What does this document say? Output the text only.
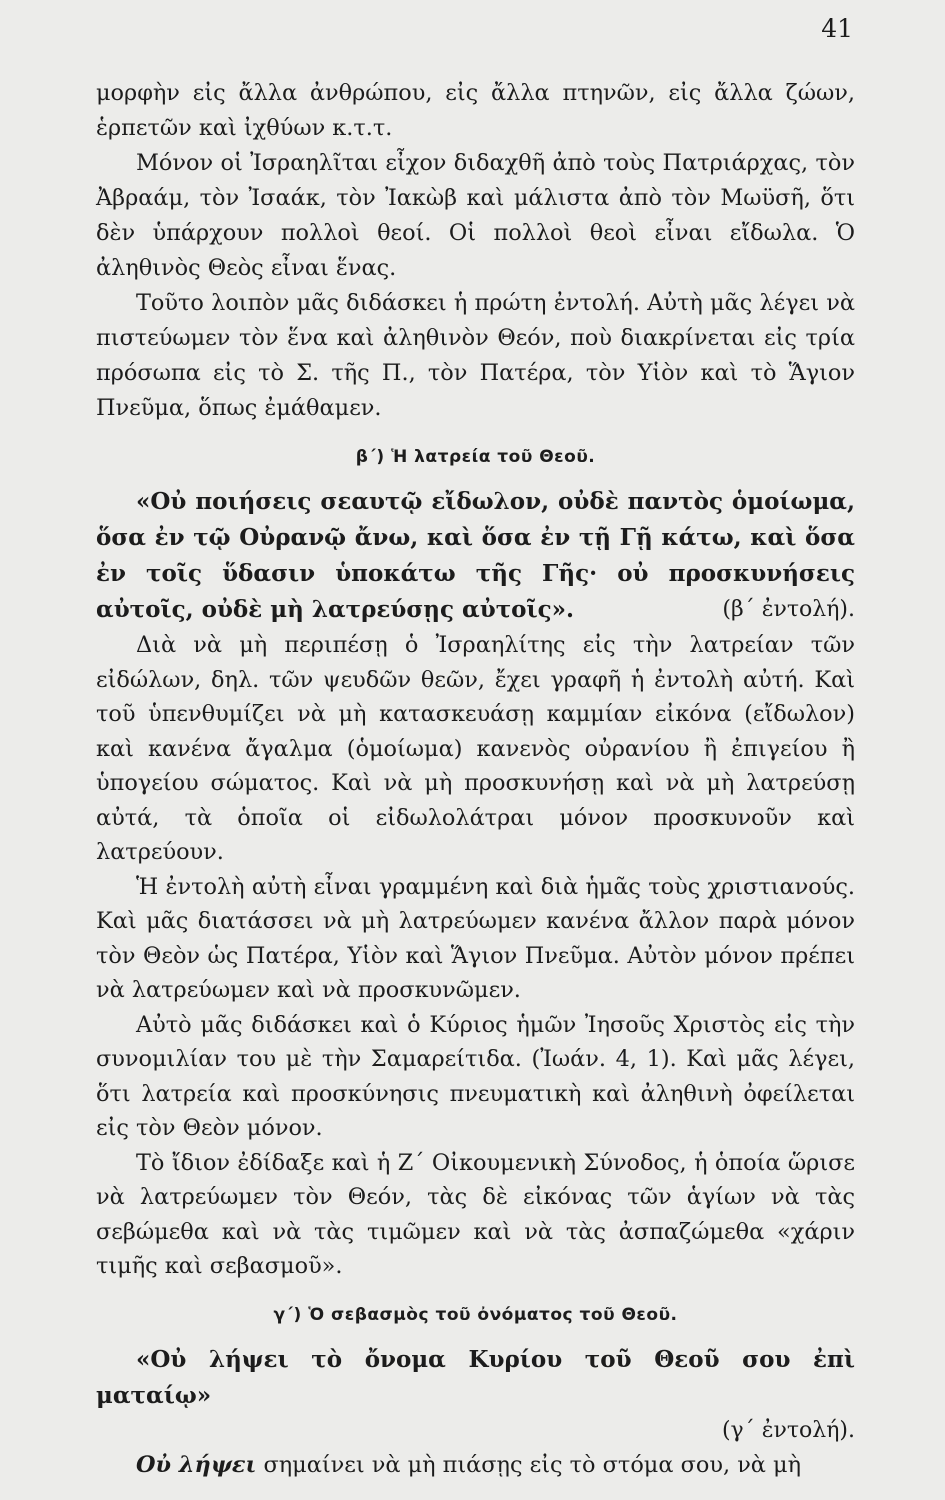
41

μορφὴν εἰς ἄλλα ἀνθρώπου, εἰς ἄλλα πτηνῶν, εἰς ἄλλα ζώων, ἑρπετῶν καὶ ἰχθύων κ.τ.τ.

Μόνον οἱ Ἰσραηλῖται εἶχον διδαχθῆ ἀπὸ τοὺς Πατριάρχας, τὸν Ἀβραάμ, τὸν Ἰσαάκ, τὸν Ἰακὼβ καὶ μάλιστα ἀπὸ τὸν Μωϋσῆ, ὅτι δὲν ὑπάρχουν πολλοὶ θεοί. Οἱ πολλοὶ θεοὶ εἶναι εἴδωλα. Ὁ ἀληθινὸς Θεὸς εἶναι ἕνας.

Τοῦτο λοιπὸν μᾶς διδάσκει ἡ πρώτη ἐντολή. Αὐτὴ μᾶς λέγει νὰ πιστεύωμεν τὸν ἕνα καὶ ἀληθινὸν Θεόν, ποὺ διακρίνεται εἰς τρία πρόσωπα εἰς τὸ Σ. τῆς Π., τὸν Πατέρα, τὸν Υἱὸν καὶ τὸ Ἅγιον Πνεῦμα, ὅπως ἐμάθαμεν.

β΄) Ἡ λατρεία τοῦ Θεοῦ.
«Οὐ ποιήσεις σεαυτῷ εἴδωλον, οὐδὲ παντὸς ὁμοίωμα, ὅσα ἐν τῷ Οὐρανῷ ἄνω, καὶ ὅσα ἐν τῇ Γῇ κάτω, καὶ ὅσα ἐν τοῖς ὕδασιν ὑποκάτω τῆς Γῆς· οὐ προσκυνήσεις αὐτοῖς, οὐδὲ μὴ λατρεύσῃς αὐτοῖς».	(β΄ ἐντολή).

Διὰ νὰ μὴ περιπέσῃ ὁ Ἰσραηλίτης εἰς τὴν λατρείαν τῶν εἰδώλων, δηλ. τῶν ψευδῶν θεῶν, ἔχει γραφῆ ἡ ἐντολὴ αὐτή. Καὶ τοῦ ὑπενθυμίζει νὰ μὴ κατασκευάσῃ καμμίαν εἰκόνα (εἴδωλον) καὶ κανένα ἄγαλμα (ὁμοίωμα) κανενὸς οὐρανίου ἢ ἐπιγείου ἢ ὑπογείου σώματος. Καὶ νὰ μὴ προσκυνήσῃ καὶ νὰ μὴ λατρεύσῃ αὐτά, τὰ ὁποῖα οἱ εἰδωλολάτραι μόνον προσκυνοῦν καὶ λατρεύουν.

Ἡ ἐντολὴ αὐτὴ εἶναι γραμμένη καὶ διὰ ἡμᾶς τοὺς χριστιανούς. Καὶ μᾶς διατάσσει νὰ μὴ λατρεύωμεν κανένα ἄλλον παρὰ μόνον τὸν Θεὸν ὡς Πατέρα, Υἱὸν καὶ Ἅγιον Πνεῦμα. Αὐτὸν μόνον πρέπει νὰ λατρεύωμεν καὶ νὰ προσκυνῶμεν.

Αὐτὸ μᾶς διδάσκει καὶ ὁ Κύριος ἡμῶν Ἰησοῦς Χριστὸς εἰς τὴν συνομιλίαν του μὲ τὴν Σαμαρείτιδα. (Ἰωάν. 4, 1). Καὶ μᾶς λέγει, ὅτι λατρεία καὶ προσκύνησις πνευματικὴ καὶ ἀληθινὴ ὀφείλεται εἰς τὸν Θεὸν μόνον.

Τὸ ἴδιον ἐδίδαξε καὶ ἡ Ζ΄ Οἰκουμενικὴ Σύνοδος, ἡ ὁποία ὥρισε νὰ λατρεύωμεν τὸν Θεόν, τὰς δὲ εἰκόνας τῶν ἁγίων νὰ τὰς σεβώμεθα καὶ νὰ τὰς τιμῶμεν καὶ νὰ τὰς ἀσπαζώμεθα «χάριν τιμῆς καὶ σεβασμοῦ».

γ΄) Ὁ σεβασμὸς τοῦ ὀνόματος τοῦ Θεοῦ.

«Οὐ λήψει τὸ ὄνομα Κυρίου τοῦ Θεοῦ σου ἐπὶ ματαίῳ»

(γ΄ ἐντολή).

Οὐ λήψει σημαίνει νὰ μὴ πιάσῃς εἰς τὸ στόμα σου, νὰ μὴ
